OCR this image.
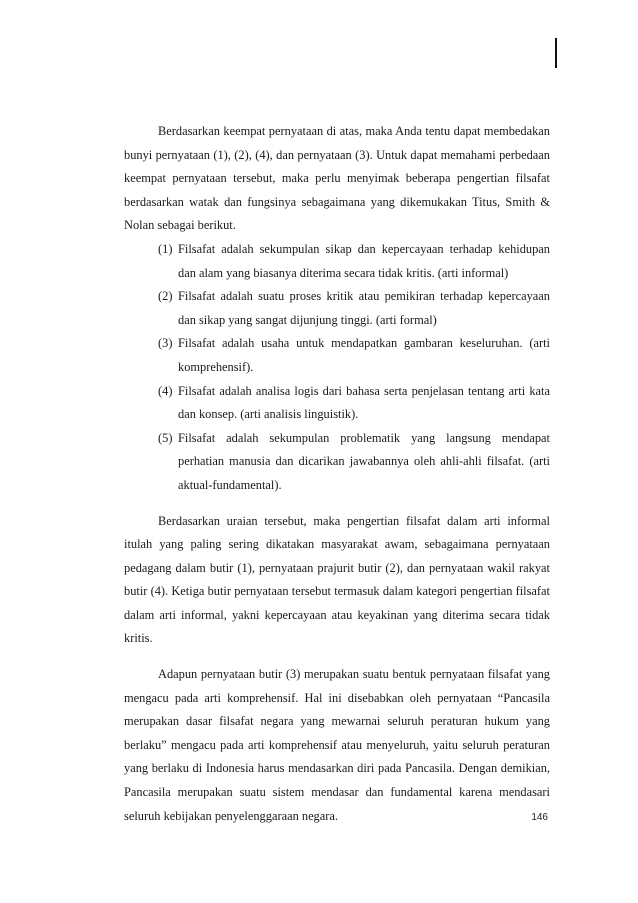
Berdasarkan keempat pernyataan di atas, maka Anda tentu dapat membedakan bunyi pernyataan (1), (2), (4), dan pernyataan (3). Untuk dapat memahami perbedaan keempat pernyataan tersebut, maka perlu menyimak beberapa pengertian filsafat berdasarkan watak dan fungsinya sebagaimana yang dikemukakan Titus, Smith & Nolan sebagai berikut.

(1) Filsafat adalah sekumpulan sikap dan kepercayaan terhadap kehidupan dan alam yang biasanya diterima secara tidak kritis. (arti informal)
(2) Filsafat adalah suatu proses kritik atau pemikiran terhadap kepercayaan dan sikap yang sangat dijunjung tinggi. (arti formal)
(3) Filsafat adalah usaha untuk mendapatkan gambaran keseluruhan. (arti komprehensif).
(4) Filsafat adalah analisa logis dari bahasa serta penjelasan tentang arti kata dan konsep. (arti analisis linguistik).
(5) Filsafat adalah sekumpulan problematik yang langsung mendapat perhatian manusia dan dicarikan jawabannya oleh ahli-ahli filsafat. (arti aktual-fundamental).

Berdasarkan uraian tersebut, maka pengertian filsafat dalam arti informal itulah yang paling sering dikatakan masyarakat awam, sebagaimana pernyataan pedagang dalam butir (1), pernyataan prajurit butir (2), dan pernyataan wakil rakyat butir (4). Ketiga butir pernyataan tersebut termasuk dalam kategori pengertian filsafat dalam arti informal, yakni kepercayaan atau keyakinan yang diterima secara tidak kritis.

Adapun pernyataan butir (3) merupakan suatu bentuk pernyataan filsafat yang mengacu pada arti komprehensif. Hal ini disebabkan oleh pernyataan “Pancasila merupakan dasar filsafat negara yang mewarnai seluruh peraturan hukum yang berlaku” mengacu pada arti komprehensif atau menyeluruh, yaitu seluruh peraturan yang berlaku di Indonesia harus mendasarkan diri pada Pancasila. Dengan demikian, Pancasila merupakan suatu sistem mendasar dan fundamental karena mendasari seluruh kebijakan penyelenggaraan negara.	146
